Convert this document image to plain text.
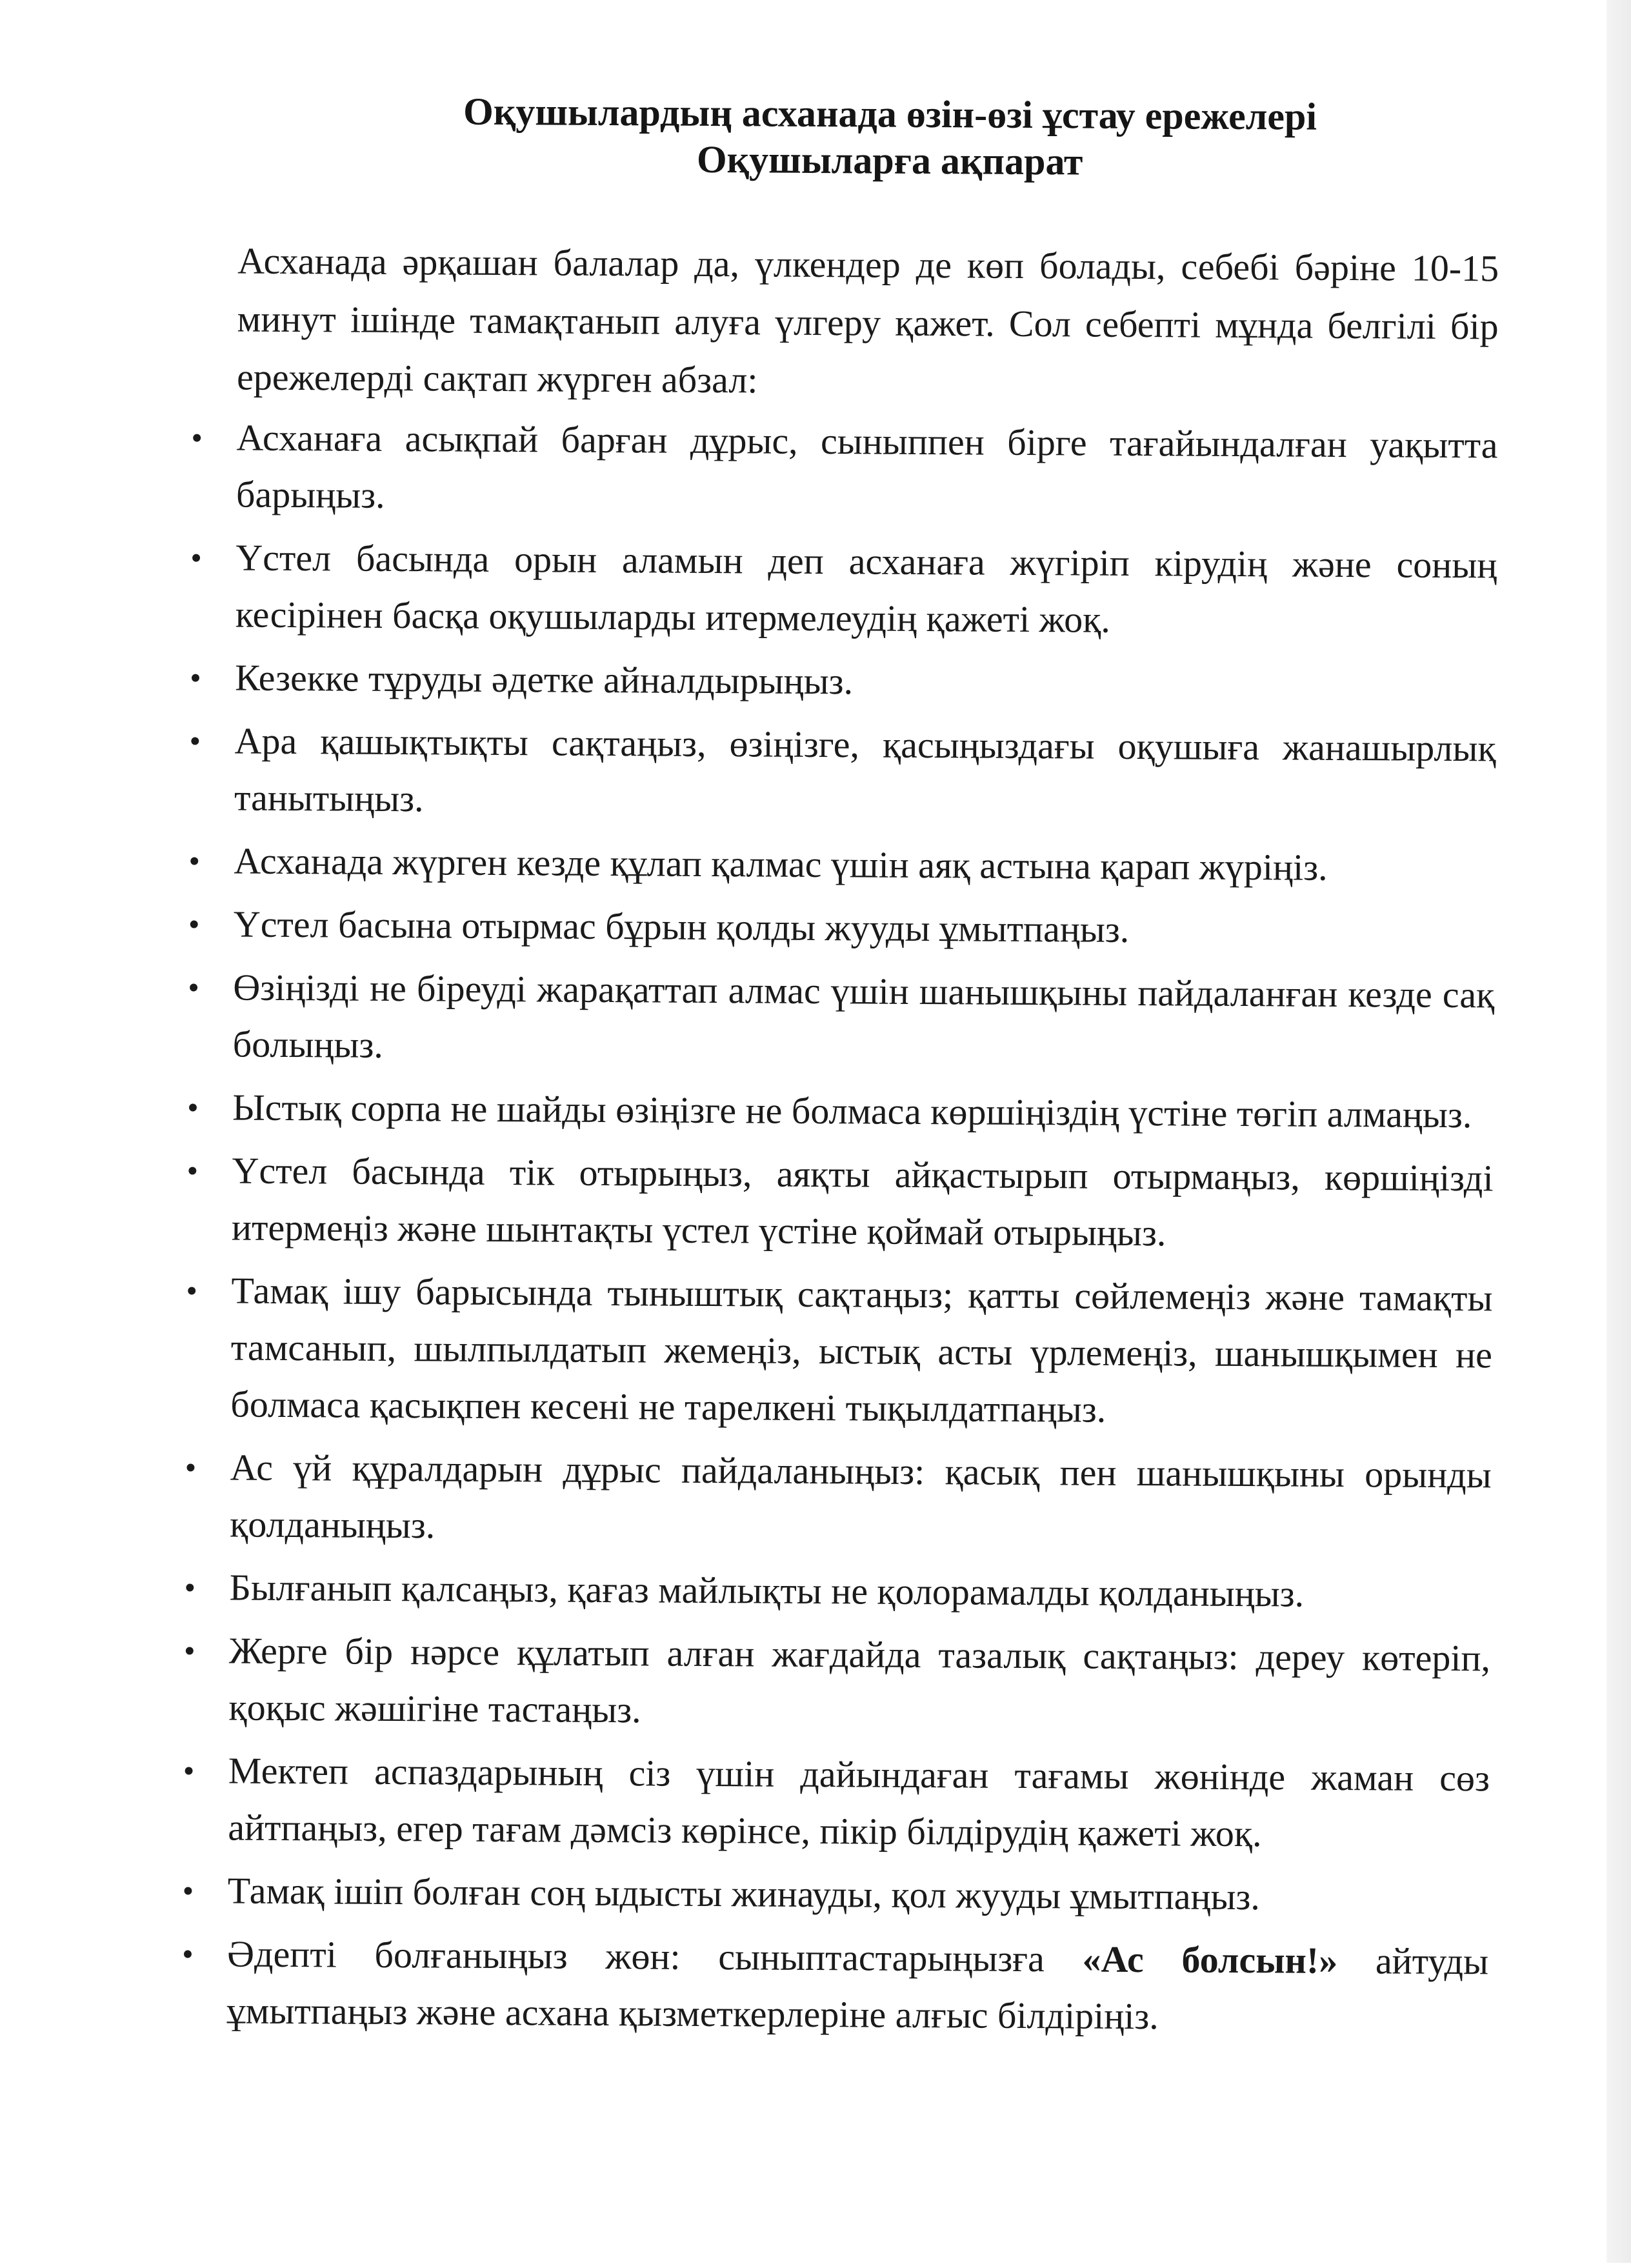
Оқушылардың асханада өзін-өзі ұстау ережелері
Оқушыларға ақпарат

Асханада әрқашан балалар да, үлкендер де көп болады, себебі бәріне 10-15 минут ішінде тамақтанып алуға үлгеру қажет. Сол себепті мұнда белгілі бір ережелерді сақтап жүрген абзал:

• Асханаға асықпай барған дұрыс, сыныппен бірге тағайындалған уақытта барыңыз.
• Үстел басында орын аламын деп асханаға жүгіріп кірудің және соның кесірінен басқа оқушыларды итермелеудің қажеті жоқ.
• Кезекке тұруды әдетке айналдырыңыз.
• Ара қашықтықты сақтаңыз, өзіңізге, қасыңыздағы оқушыға жанашырлық танытыңыз.
• Асханада жүрген кезде құлап қалмас үшін аяқ астына қарап жүріңіз.
• Үстел басына отырмас бұрын қолды жууды ұмытпаңыз.
• Өзіңізді не біреуді жарақаттап алмас үшін шанышқыны пайдаланған кезде сақ болыңыз.
• Ыстық сорпа не шайды өзіңізге не болмаса көршіңіздің үстіне төгіп алмаңыз.
• Үстел басында тік отырыңыз, аяқты айқастырып отырмаңыз, көршіңізді итермеңіз және шынтақты үстел үстіне қоймай отырыңыз.
• Тамақ ішу барысында тыныштық сақтаңыз; қатты сөйлемеңіз және тамақты тамсанып, шылпылдатып жемеңіз, ыстық асты үрлемеңіз, шанышқымен не болмаса қасықпен кесені не тарелкені тықылдатпаңыз.
• Ас үй құралдарын дұрыс пайдаланыңыз: қасық пен шанышқыны орынды қолданыңыз.
• Былғанып қалсаңыз, қағаз майлықты не қолорамалды қолданыңыз.
• Жерге бір нәрсе құлатып алған жағдайда тазалық сақтаңыз: дереу көтеріп, қоқыс жәшігіне тастаңыз.
• Мектеп аспаздарының сіз үшін дайындаған тағамы жөнінде жаман сөз айтпаңыз, егер тағам дәмсіз көрінсе, пікір білдірудің қажеті жоқ.
• Тамақ ішіп болған соң ыдысты жинауды, қол жууды ұмытпаңыз.
• Әдепті болғаныңыз жөн: сыныптастарыңызға «Ас болсын!» айтуды ұмытпаңыз және асхана қызметкерлеріне алғыс білдіріңіз.
